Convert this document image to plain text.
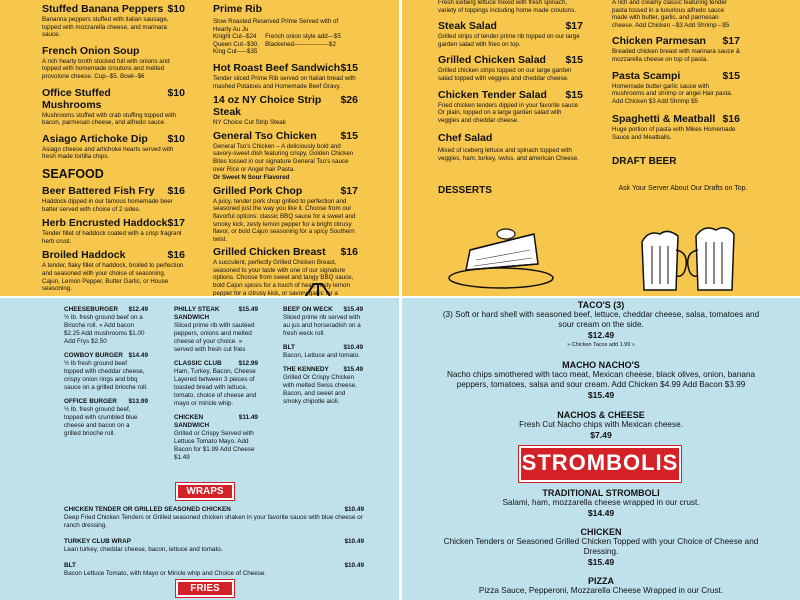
Stuffed Banana Peppers $10
Bananna peppers stuffed with italian sausage, topped with mozzarella cheese, and marinara sauce.
French Onion Soup
A rich hearty broth stocked full with onions and topped with homemade croutons and melted provolone cheese. Cup--$5. Bowl--$6
Office Stuffed Mushrooms
$10
Mushrooms stuffed with crab stuffing topped with bacon, parmesan cheese, and alfredo sauce.
Asiago Artichoke Dip $10
Asiago cheese and artichoke hearts served with fresh made tortilla chips.
SEAFOOD
Beer Battered Fish Fry $16
Haddock dipped in our famous homemade beer batter served with choice of 2 sides.
Herb Encrusted Haddock $17
Tender fillet of haddock coated with a crisp fragrant herb crust.
Broiled Haddock	$16
A tender, flaky fillet of haddock, broiled to perfection and seasoned with your choice of seasoning. Cajun, Lemon Pepper, Butter Garlic, or House seasoning.
Prime Rib
Slow Roasted Reserved Prime Served with of Hearty Au Ju
Knight Cut--$24
Queen Cut--$30.
King Cut-----$35
French onion style add---$5
Blackened-----------------$2
Hot Roast Beef Sandwich $15
Tender sliced Prime Rib served on Italian bread with mashed Potatoes and Homemade Beef Gravy.
14 oz NY Choice Strip Steak
$26
NY Choice Cut Strip Steak
General Tso Chicken $15
General Tso's Chicken – A deliciously bold and savory-sweet dish featuring crispy, Golden Chicken Bites tossed in our signature General Tso's sauce over Rice or Angel hair Pasta.
Or Sweet N Sour Flavored
Grilled Pork Chop	$17
A juicy, tender pork chop grilled to perfection and seasoned just the way you like it. Choose from our flavorful options: classic BBQ sauce for a sweet and smoky kick, zesty lemon pepper for a bright citrusy flavor, or bold Cajun seasoning for a spicy Southern twist.
Grilled Chicken Breast $16
A succulent, perfectly Grilled Chicken Breast, seasoned to your taste with one of our signature options. Choose from sweet and tangy BBQ sauce, bold Cajun spices for a touch of heat, zesty lemon pepper for a citrusy kick, or savory garlic for a
Fresh iceberg lettuce mixed with fresh spinach, variety of toppings including home made croutons.
Steak Salad	$17
Grilled strips of tender prime rib topped on our large garden salad with fries on top.
Grilled Chicken Salad $15
Grilled chicken strips topped on our large garden salad topped with veggies and cheddar cheese.
Chicken Tender Salad $15
Fried chicken tenders dipped in your favorite sauce Or plain, topped on a large garden salad with veggies and cheddar cheese.
Chef Salad
Mixed of iceberg lettuce and spinach topped with veggies, ham, turkey, swiss, and american Cheese.
DESSERTS
A rich and creamy classic featuring tender pasta tossed in a luxurious alfredo sauce made with butter, garlic, and parmesan cheese. Add Chicken --$3 Add Shrimp --$5
Chicken Parmesan $17
Breaded chicken breast with marinara sauce & mozzarella cheese on top of pasta.
Pasta Scampi	$15
Homemade butter garlic sauce with mushrooms and shrimp or angel Hair pasta. Add Chicken $3 Add Shrimp $5
Spaghetti & Meatball $16
Huge portion of pasta with Mikes Homemade Sauce and Meatballs.
DRAFT BEER
Ask Your Server About Our Drafts on Top.
CHEESEBURGER $12.49
½ lb. fresh ground beef on a Brioche roll. » Add bacon $2.25 Add mushrooms $1.00 Add Frys $2.50
COWBOY BURGER $14.49
½ lb fresh ground beef topped with cheddar cheese, crispy onion rings and bbq sauce on a grilled brioche roll.
OFFICE BURGER $13.99
½ lb. fresh ground beef, topped with crumbled blue cheese and bacon on a grilled brioche roll.
PHILLY STEAK SANDWICH
$15.49
Sliced prime rib with sautéed peppers, onions and melted cheese of your choice. » served with fresh cut fries
CLASSIC CLUB	$12.99
Ham, Turkey, Bacon, Cheese Layered between 3 pieces of toasted bread with lettuce, tomato, choice of cheese and mayo or miricle whip.
CHICKEN SANDWICH
$11.49
Grilled or Crispy Served with Lettuce Tomato Mayo. Add Bacon for $1.99 Add Cheese $1.49
BEEF ON WECK $15.49
Sliced prime rib served with au jus and horseradish on a fresh weck roll.
BLT	$10.49
Bacon, Lettuce and tomato.
THE KENNEDY $15.49
Grilled Or Crispy Chicken with melted Swiss cheese, Bacon, and sweet and smoky chipotle aioli.
WRAPS
CHICKEN TENDER OR GRILLED SEASONED CHICKEN	$10.49
Deep Fried Chicken Tenders or Grilled seasoned chicken shaken in your favorite sauce with blue cheese or ranch dressing.
TURKEY CLUB WRAP	$10.49
Lean turkey, cheddar cheese, bacon, lettuce and tomato.
BLT	$10.49
Bacon Lettuce Tomato, with Mayo or Miricle whip and Choice of Cheese.
FRIES
TACO'S (3)
(3) Soft or hard shell with seasoned beef, lettuce, cheddar cheese, salsa, tomatoes and sour cream on the side.
$12.49
» Chicken Tacos add 1.99 »
MACHO NACHO'S
Nacho chips smothered with taco meat, Mexican cheese, black olives, onion, banana peppers, tomatoes, salsa and sour cream. Add Chicken $4.99 Add Bacon $3.99
$15.49
NACHOS & CHEESE
Fresh Cut Nacho chips with Mexican cheese.
$7.49
STROMBOLIS
TRADITIONAL STROMBOLI
Salami, ham, mozzarella cheese wrapped in our crust.
$14.49
CHICKEN
Chicken Tenders or Seasoned Grilled Chicken Topped with your Choice of Cheese and Dressing.
$15.49
PIZZA
Pizza Sauce, Pepperoni, Mozzarella Cheese Wrapped in our Crust.
